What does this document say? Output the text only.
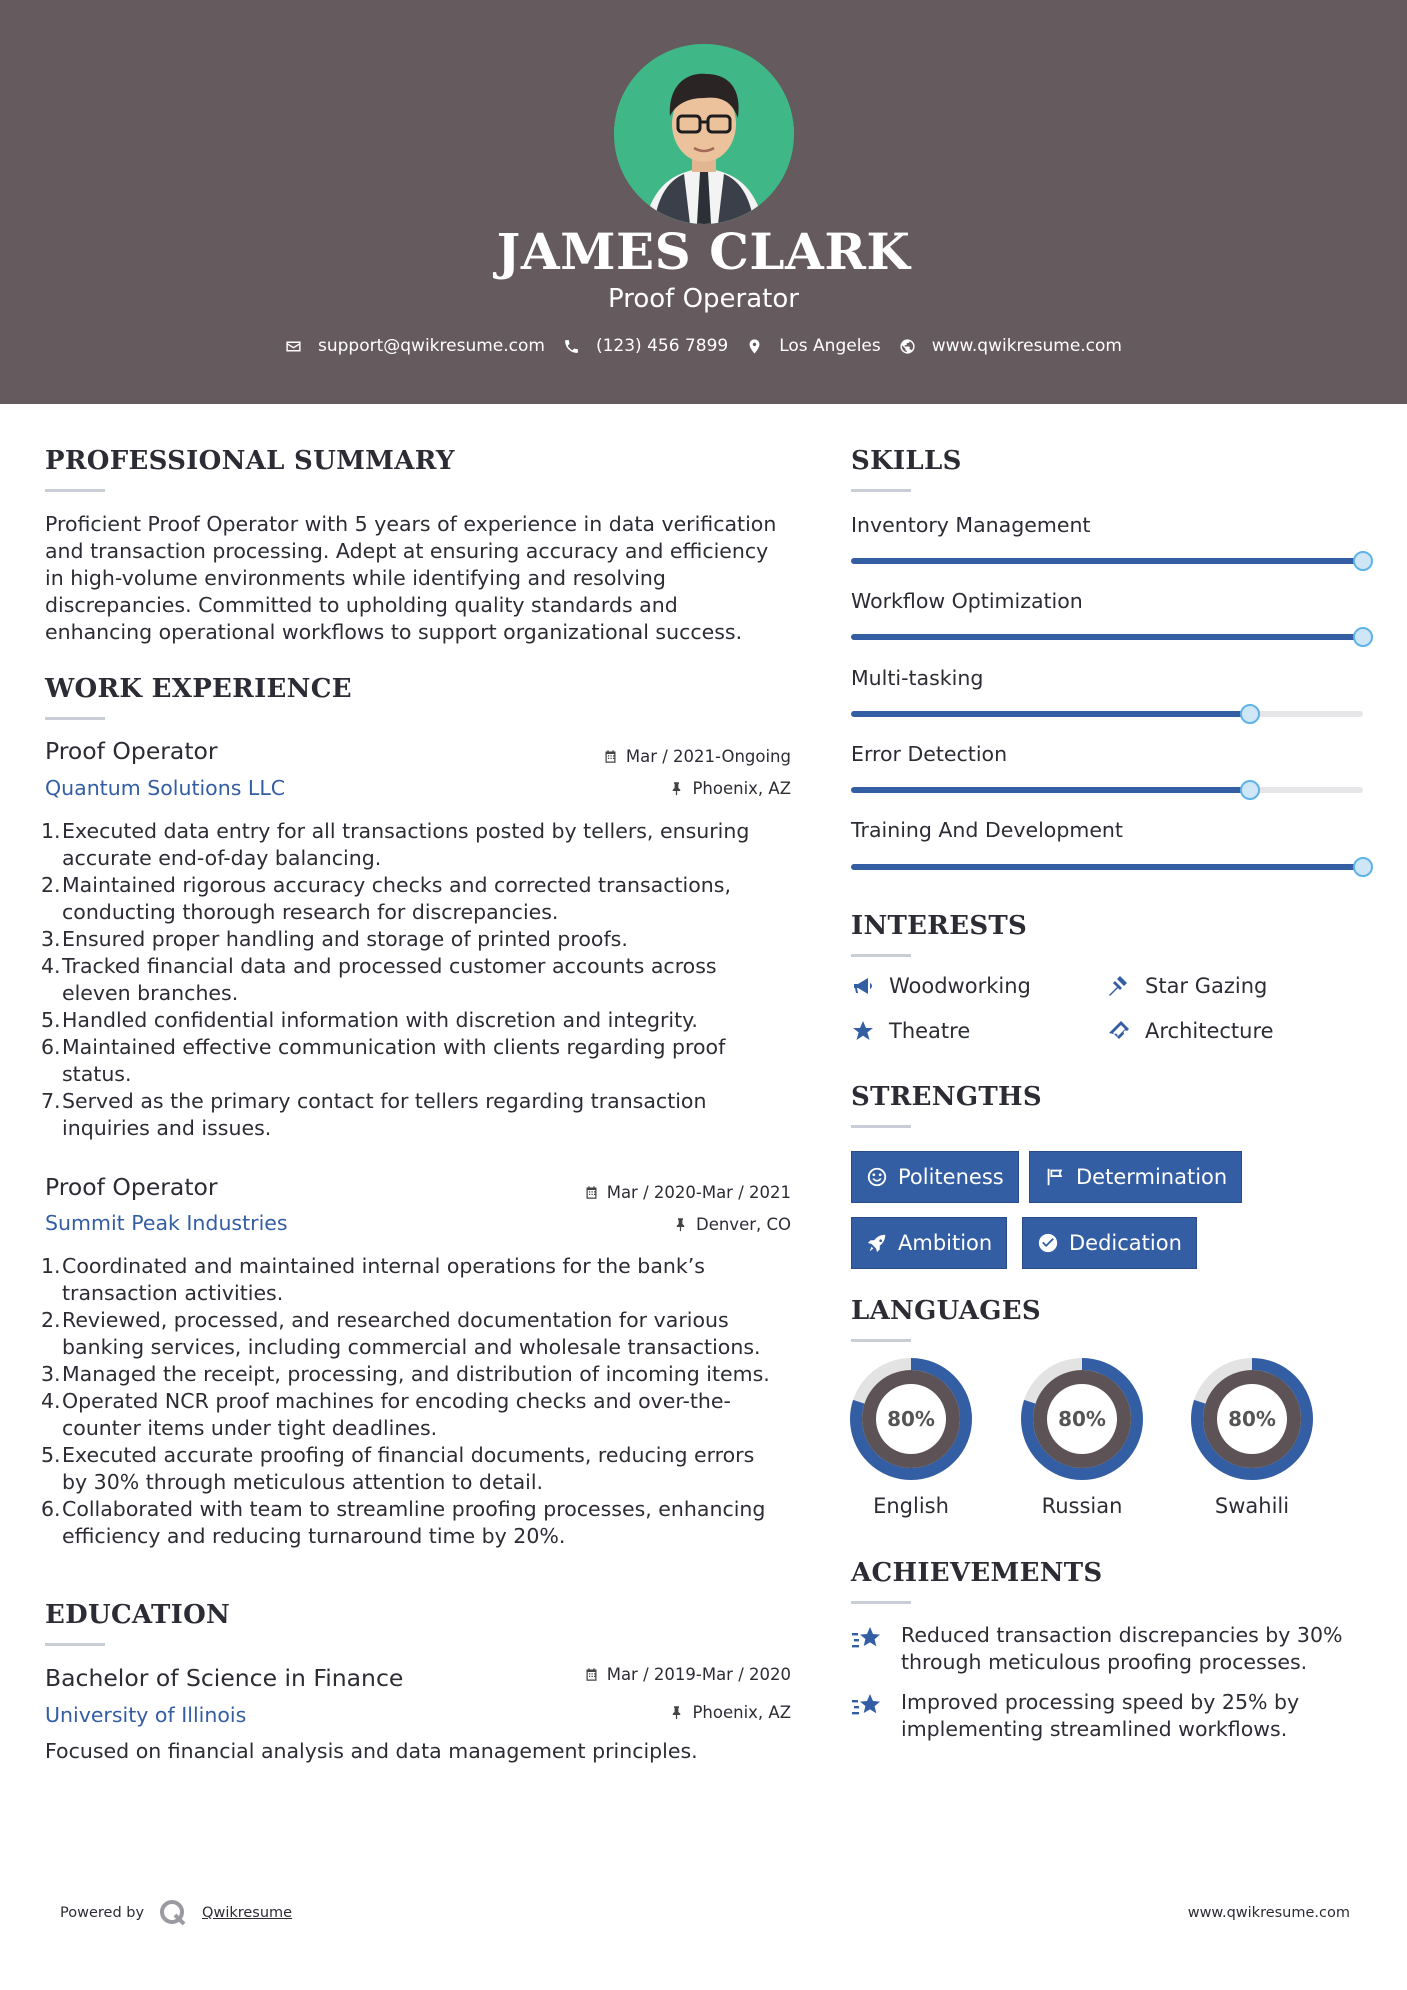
JAMES CLARK
Proof Operator
support@qwikresume.com	(123) 456 7899	Los Angeles	www.qwikresume.com
PROFESSIONAL SUMMARY
Proficient Proof Operator with 5 years of experience in data verification
and transaction processing. Adept at ensuring accuracy and efficiency
in high-volume environments while identifying and resolving
discrepancies. Committed to upholding quality standards and
enhancing operational workflows to support organizational success.
WORK EXPERIENCE
Proof Operator	Mar / 2021-Ongoing
Quantum Solutions LLC	Phoenix, AZ
1. Executed data entry for all transactions posted by tellers, ensuring
accurate end-of-day balancing.
2. Maintained rigorous accuracy checks and corrected transactions,
conducting thorough research for discrepancies.
3. Ensured proper handling and storage of printed proofs.
4. Tracked financial data and processed customer accounts across
eleven branches.
5. Handled confidential information with discretion and integrity.
6. Maintained effective communication with clients regarding proof
status.
7. Served as the primary contact for tellers regarding transaction
inquiries and issues.
Proof Operator	Mar / 2020-Mar / 2021
Summit Peak Industries	Denver, CO
1. Coordinated and maintained internal operations for the bank’s
transaction activities.
2. Reviewed, processed, and researched documentation for various
banking services, including commercial and wholesale transactions.
3. Managed the receipt, processing, and distribution of incoming items.
4. Operated NCR proof machines for encoding checks and over-the-
counter items under tight deadlines.
5. Executed accurate proofing of financial documents, reducing errors
by 30% through meticulous attention to detail.
6. Collaborated with team to streamline proofing processes, enhancing
efficiency and reducing turnaround time by 20%.
EDUCATION
Bachelor of Science in Finance	Mar / 2019-Mar / 2020
University of Illinois	Phoenix, AZ
Focused on financial analysis and data management principles.
SKILLS
Inventory Management
Workflow Optimization
Multi-tasking
Error Detection
Training And Development
INTERESTS
Woodworking	Star Gazing
Theatre	Architecture
STRENGTHS
Politeness	Determination
Ambition	Dedication
LANGUAGES
80%
English
80%
Russian
80%
Swahili
ACHIEVEMENTS
Reduced transaction discrepancies by 30%
through meticulous proofing processes.
Improved processing speed by 25% by
implementing streamlined workflows.
Powered by	Qwikresume	www.qwikresume.com
